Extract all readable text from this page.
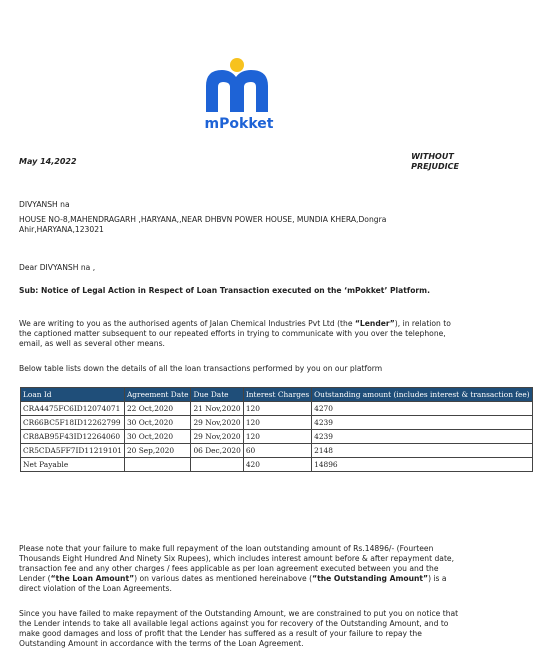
mPokket
May 14,2022
WITHOUT
PREJUDICE
DIVYANSH na
HOUSE NO-8,MAHENDRAGARH ,HARYANA,,NEAR DHBVN POWER HOUSE, MUNDIA KHERA,Dongra Ahir,HARYANA,123021
Dear DIVYANSH na ,
Sub: Notice of Legal Action in Respect of Loan Transaction executed on the ‘mPokket’ Platform.
We are writing to you as the authorised agents of Jalan Chemical Industries Pvt Ltd (the “Lender”), in relation to the captioned matter subsequent to our repeated efforts in trying to communicate with you over the telephone, email, as well as several other means.
Below table lists down the details of all the loan transactions performed by you on our platform
Loan Id	Agreement Date	Due Date	Interest Charges	Outstanding amount (includes interest & transaction fee)
CRA4475FC6ID12074071	22 Oct,2020	21 Nov,2020	120	4270
CR66BC5F18ID12262799	30 Oct,2020	29 Nov,2020	120	4239
CR8AB95F43ID12264060	30 Oct,2020	29 Nov,2020	120	4239
CR5CDA5FF7ID11219101	20 Sep,2020	06 Dec,2020	60	2148
Net Payable			420	14896
Please note that your failure to make full repayment of the loan outstanding amount of Rs.14896/- (Fourteen Thousands Eight Hundred And Ninety Six Rupees), which includes interest amount before & after repayment date, transaction fee and any other charges / fees applicable as per loan agreement executed between you and the Lender (“the Loan Amount”) on various dates as mentioned hereinabove (“the Outstanding Amount”) is a direct violation of the Loan Agreements.
Since you have failed to make repayment of the Outstanding Amount, we are constrained to put you on notice that the Lender intends to take all available legal actions against you for recovery of the Outstanding Amount, and to make good damages and loss of profit that the Lender has suffered as a result of your failure to repay the Outstanding Amount in accordance with the terms of the Loan Agreement.
